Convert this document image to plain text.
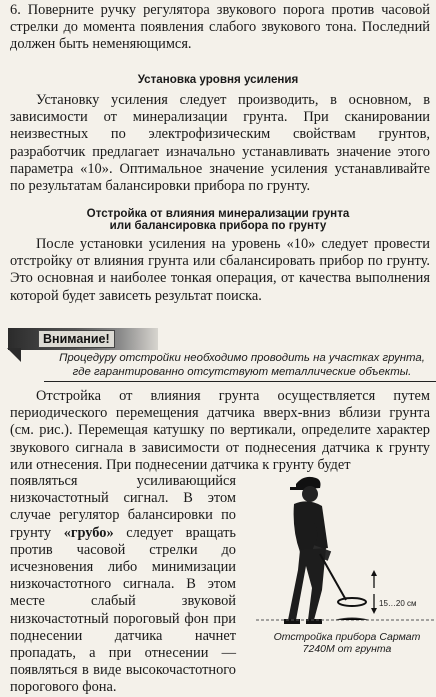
6. Поверните ручку регулятора звукового порога против часовой стрелки до момента появления слабого звукового тона. Последний должен быть неменяющимся.

Установка уровня усиления

Установку усиления следует производить, в основном, в зависимости от минерализации грунта. При сканировании неизвестных по электрофизическим свойствам грунтов, разработчик предлагает изначально устанавливать значение этого параметра «10». Оптимальное значение усиления устанавливайте по результатам балансировки прибора по грунту.

Отстройка от влияния минерализации грунта

или балансировка прибора по грунту

После установки усиления на уровень «10» следует провести отстройку от влияния грунта или сбалансировать прибор по грунту. Это основная и наиболее тонкая операция, от качества выполнения которой будет зависеть результат поиска.

Внимание!

Процедуру отстройки необходимо проводить на участках грунта,
где гарантированно отсутствуют металлические объекты.

Отстройка от влияния грунта осуществляется путем периодического перемещения датчика вверх-вниз вблизи грунта (см. рис.). Перемещая катушку по вертикали, определите характер звукового сигнала в зависимости от поднесения датчика к грунту или отнесения. При поднесении датчика к грунту будет

появляться усиливающийся низкочастотный сигнал. В этом случае регулятор балансировки по грунту «грубо» следует вращать против часовой стрелки до исчезновения либо минимизации низкочастотного сигнала. В этом месте слабый звуковой низкочастотный пороговый фон при поднесении датчика начнет пропадать, а при отнесении — появляться в виде высокочастотного порогового фона.

15…20 см

Отстройка прибора Сармат
7240М от грунта
